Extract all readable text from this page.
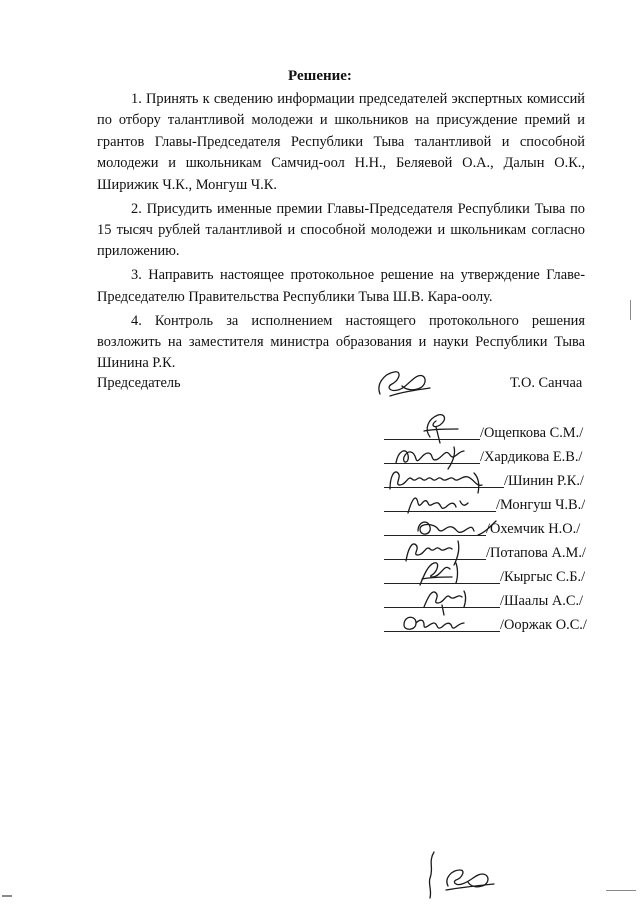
Решение:

1. Принять к сведению информации председателей экспертных комиссий по отбору талантливой молодежи и школьников на присуждение премий и грантов Главы-Председателя Республики Тыва талантливой и способной молодежи и школьникам Самчид-оол Н.Н., Беляевой О.А., Далын О.К., Ширижик Ч.К., Монгуш Ч.К.

2. Присудить именные премии Главы-Председателя Республики Тыва по 15 тысяч рублей талантливой и способной молодежи и школьникам согласно приложению.

3. Направить настоящее протокольное решение на утверждение Главе-Председателю Правительства Республики Тыва Ш.В. Кара-оолу.

4. Контроль за исполнением настоящего протокольного решения возложить на заместителя министра образования и науки Республики Тыва Шинина Р.К.

Председатель	Т.О. Санчаа
/Ощепкова С.М./
/Хардикова Е.В./
/Шинин Р.К./
/Монгуш Ч.В./
/Охемчик Н.О./
/Потапова А.М./
/Кыргыс С.Б./
/Шаалы А.С./
/Ооржак О.С./
